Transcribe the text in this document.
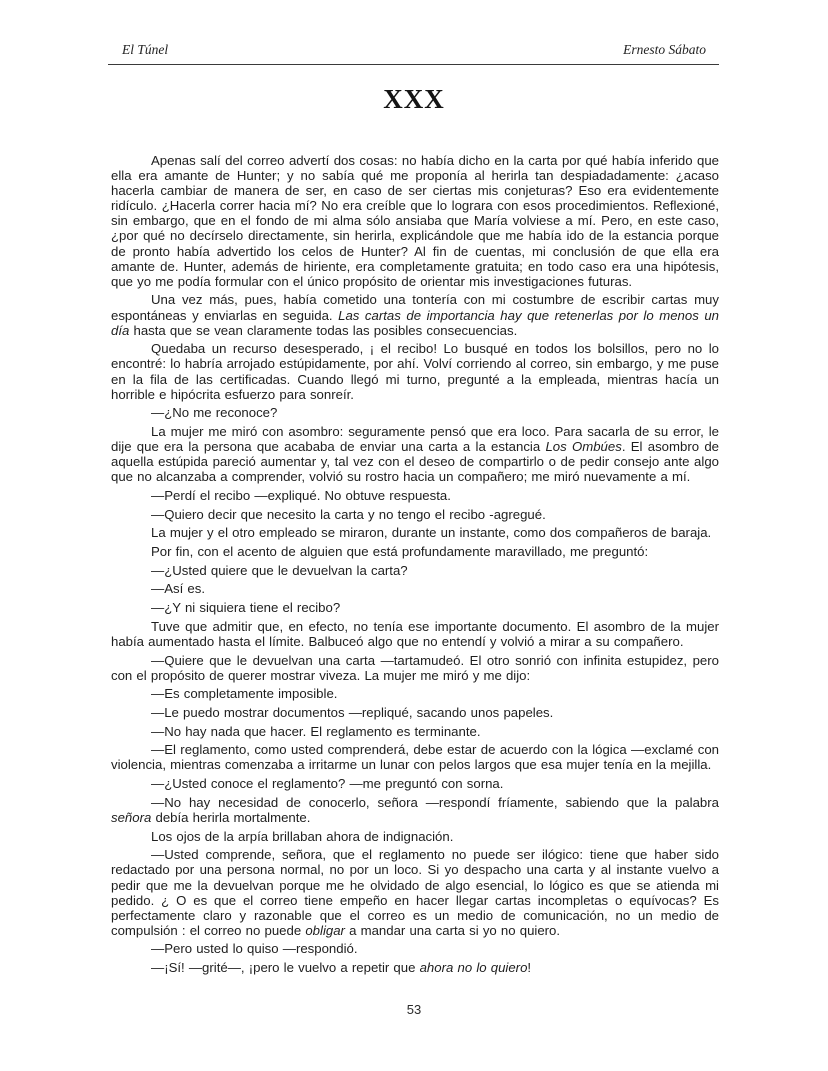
El Túnel	Ernesto Sábato
XXX

Apenas salí del correo advertí dos cosas: no había dicho en la carta por qué había inferido que ella era amante de Hunter; y no sabía qué me proponía al herirla tan despiadadamente: ¿acaso hacerla cambiar de manera de ser, en caso de ser ciertas mis conjeturas? Eso era evidentemente ridículo. ¿Hacerla correr hacia mí? No era creíble que lo lograra con esos procedimientos. Reflexioné, sin embargo, que en el fondo de mi alma sólo ansiaba que María volviese a mí. Pero, en este caso, ¿por qué no decírselo directamente, sin herirla, explicándole que me había ido de la estancia porque de pronto había advertido los celos de Hunter? Al fin de cuentas, mi conclusión de que ella era amante de. Hunter, además de hiriente, era completamente gratuita; en todo caso era una hipótesis, que yo me podía formular con el único propósito de orientar mis investigaciones futuras.

Una vez más, pues, había cometido una tontería con mi costumbre de escribir cartas muy espontáneas y enviarlas en seguida. Las cartas de importancia hay que retenerlas por lo menos un día hasta que se vean claramente todas las posibles consecuencias.

Quedaba un recurso desesperado, ¡ el recibo! Lo busqué en todos los bolsillos, pero no lo encontré: lo habría arrojado estúpidamente, por ahí. Volví corriendo al correo, sin embargo, y me puse en la fila de las certificadas. Cuando llegó mi turno, pregunté a la empleada, mientras hacía un horrible e hipócrita esfuerzo para sonreír.

—¿No me reconoce?

La mujer me miró con asombro: seguramente pensó que era loco. Para sacarla de su error, le dije que era la persona que acababa de enviar una carta a la estancia Los Ombúes. El asombro de aquella estúpida pareció aumentar y, tal vez con el deseo de compartirlo o de pedir consejo ante algo que no alcanzaba a comprender, volvió su rostro hacia un compañero; me miró nuevamente a mí.

—Perdí el recibo —expliqué. No obtuve respuesta.

—Quiero decir que necesito la carta y no tengo el recibo -agregué.

La mujer y el otro empleado se miraron, durante un instante, como dos compañeros de baraja.

Por fin, con el acento de alguien que está profundamente maravillado, me preguntó:

—¿Usted quiere que le devuelvan la carta?

—Así es.

—¿Y ni siquiera tiene el recibo?

Tuve que admitir que, en efecto, no tenía ese importante documento. El asombro de la mujer había aumentado hasta el límite. Balbuceó algo que no entendí y volvió a mirar a su compañero.

—Quiere que le devuelvan una carta —tartamudeó. El otro sonrió con infinita estupidez, pero con el propósito de querer mostrar viveza. La mujer me miró y me dijo:

—Es completamente imposible.

—Le puedo mostrar documentos —repliqué, sacando unos papeles.

—No hay nada que hacer. El reglamento es terminante.

—El reglamento, como usted comprenderá, debe estar de acuerdo con la lógica —exclamé con violencia, mientras comenzaba a irritarme un lunar con pelos largos que esa mujer tenía en la mejilla.

—¿Usted conoce el reglamento? —me preguntó con sorna.

—No hay necesidad de conocerlo, señora —respondí fríamente, sabiendo que la palabra señora debía herirla mortalmente.

Los ojos de la arpía brillaban ahora de indignación.

—Usted comprende, señora, que el reglamento no puede ser ilógico: tiene que haber sido redactado por una persona normal, no por un loco. Si yo despacho una carta y al instante vuelvo a pedir que me la devuelvan porque me he olvidado de algo esencial, lo lógico es que se atienda mi pedido. ¿ O es que el correo tiene empeño en hacer llegar cartas incompletas o equívocas? Es perfectamente claro y razonable que el correo es un medio de comunicación, no un medio de compulsión : el correo no puede obligar a mandar una carta si yo no quiero.

—Pero usted lo quiso —respondió.

—¡Sí! —grité—, ¡pero le vuelvo a repetir que ahora no lo quiero!

53
